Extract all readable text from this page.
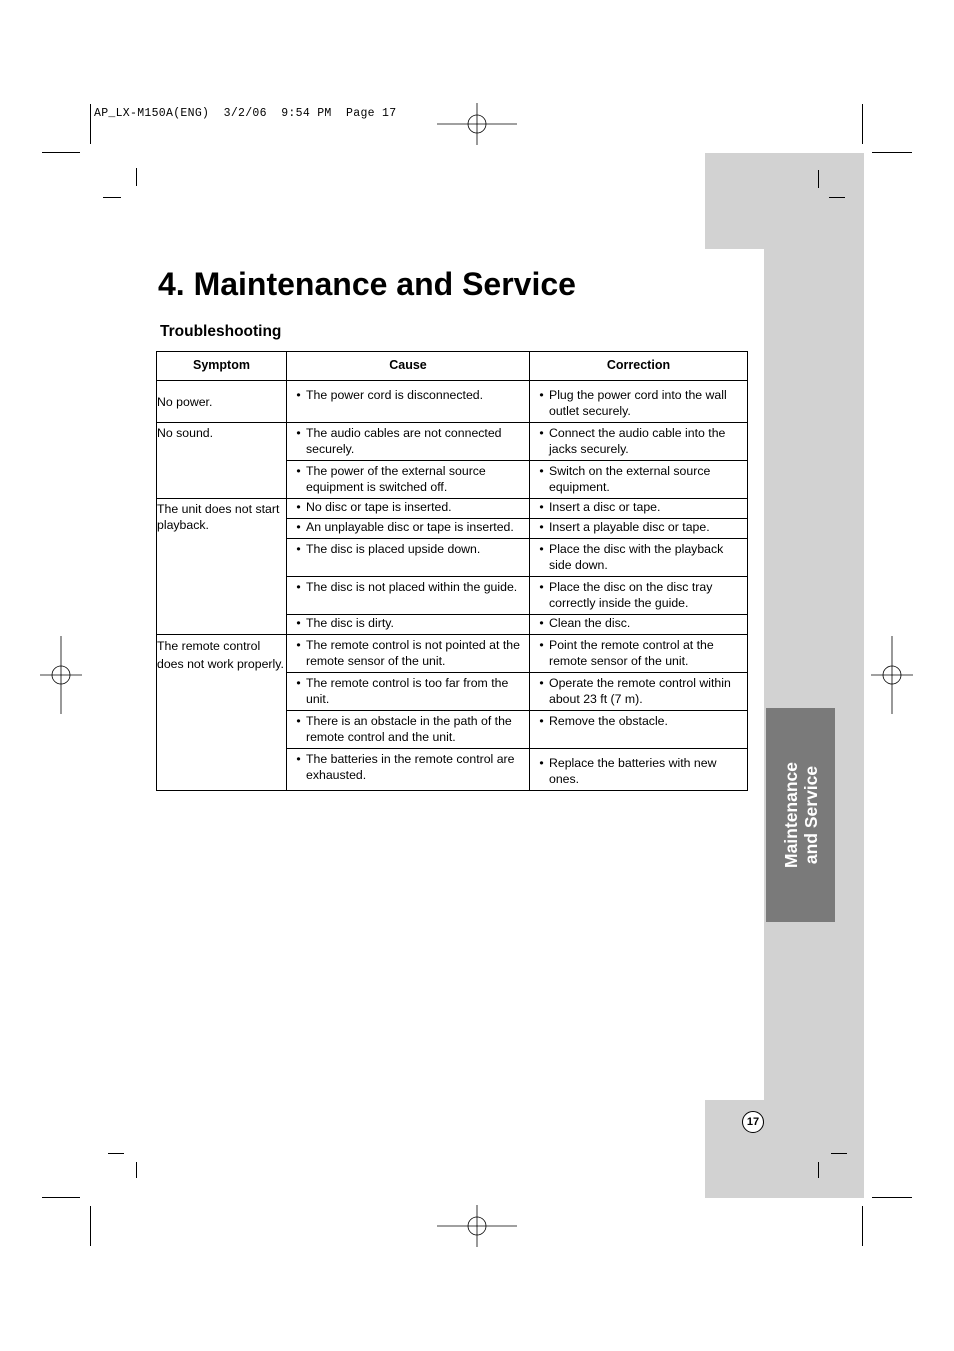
AP_LX-M150A(ENG)  3/2/06  9:54 PM  Page 17
Maintenance and Service
17
4. Maintenance and Service
Troubleshooting
Symptom	Cause	Correction
No power.	• The power cord is disconnected.	• Plug the power cord into the wall outlet securely.

No sound.	• The audio cables are not connected securely.	• Connect the audio cable into the jacks securely.

	• The power of the external source equipment is switched off.	• Switch on the external source equipment.

The unit does not start playback.	• No disc or tape is inserted.	• Insert a disc or tape.

	• An unplayable disc or tape is inserted.	• Insert a playable disc or tape.

	• The disc is placed upside down.	• Place the disc with the playback side down.

	• The disc is not placed within the guide.	• Place the disc on the disc tray correctly inside the guide.

	• The disc is dirty.	• Clean the disc.

The remote control does not work properly.	• The remote control is not pointed at the remote sensor of the unit.	• Point the remote control at the remote sensor of the unit.

	• The remote control is too far from the unit.	• Operate the remote control within about 23 ft (7 m).

	• There is an obstacle in the path of the remote control and the unit.	• Remove the obstacle.

	• The batteries in the remote control are exhausted.	• Replace the batteries with new ones.
